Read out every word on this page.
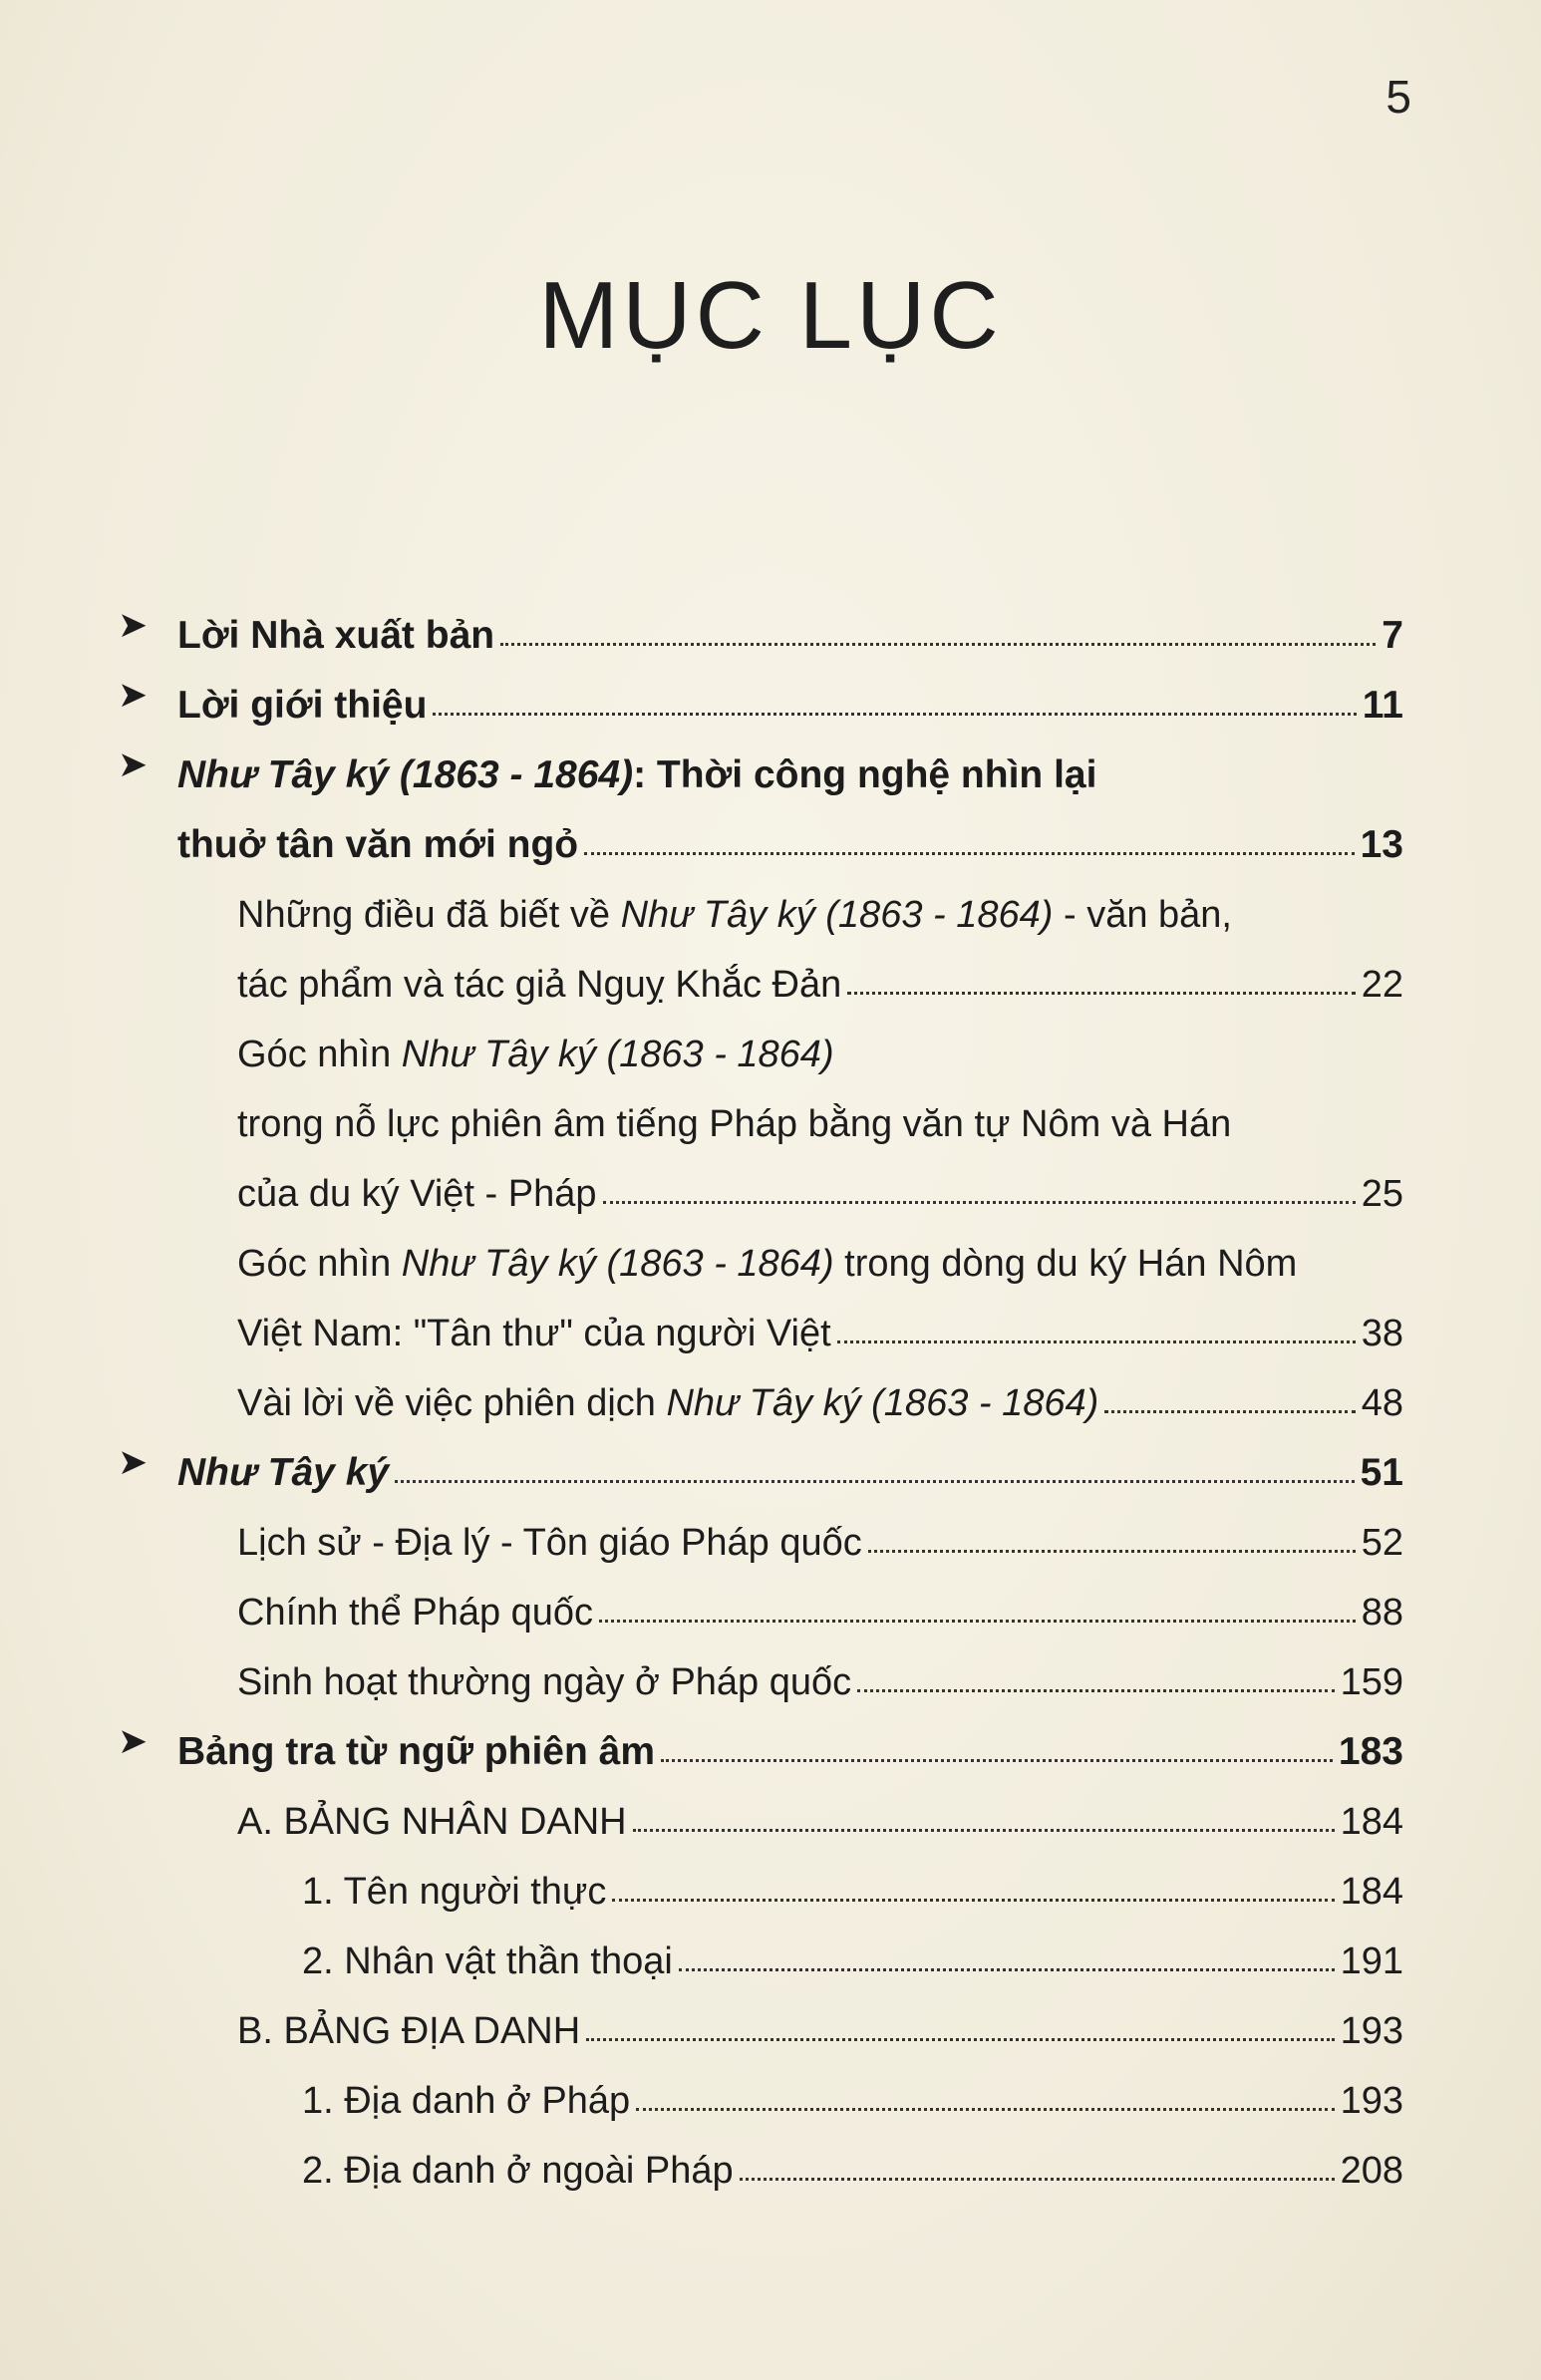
5
MỤC LỤC
➤ Lời Nhà xuất bản	7
➤ Lời giới thiệu	11
➤ Như Tây ký (1863 - 1864): Thời công nghệ nhìn lại
thuở tân văn mới ngỏ	13
Những điều đã biết về Như Tây ký (1863 - 1864) - văn bản,
tác phẩm và tác giả Nguỵ Khắc Đản	22
Góc nhìn Như Tây ký (1863 - 1864)
trong nỗ lực phiên âm tiếng Pháp bằng văn tự Nôm và Hán
của du ký Việt - Pháp	25
Góc nhìn Như Tây ký (1863 - 1864) trong dòng du ký Hán Nôm
Việt Nam: "Tân thư" của người Việt	38
Vài lời về việc phiên dịch Như Tây ký (1863 - 1864)	48
➤ Như Tây ký	51
Lịch sử - Địa lý - Tôn giáo Pháp quốc	52
Chính thể Pháp quốc	88
Sinh hoạt thường ngày ở Pháp quốc	159
➤ Bảng tra từ ngữ phiên âm	183
A. BẢNG NHÂN DANH	184
1. Tên người thực	184
2. Nhân vật thần thoại	191
B. BẢNG ĐỊA DANH	193
1. Địa danh ở Pháp	193
2. Địa danh ở ngoài Pháp	208
